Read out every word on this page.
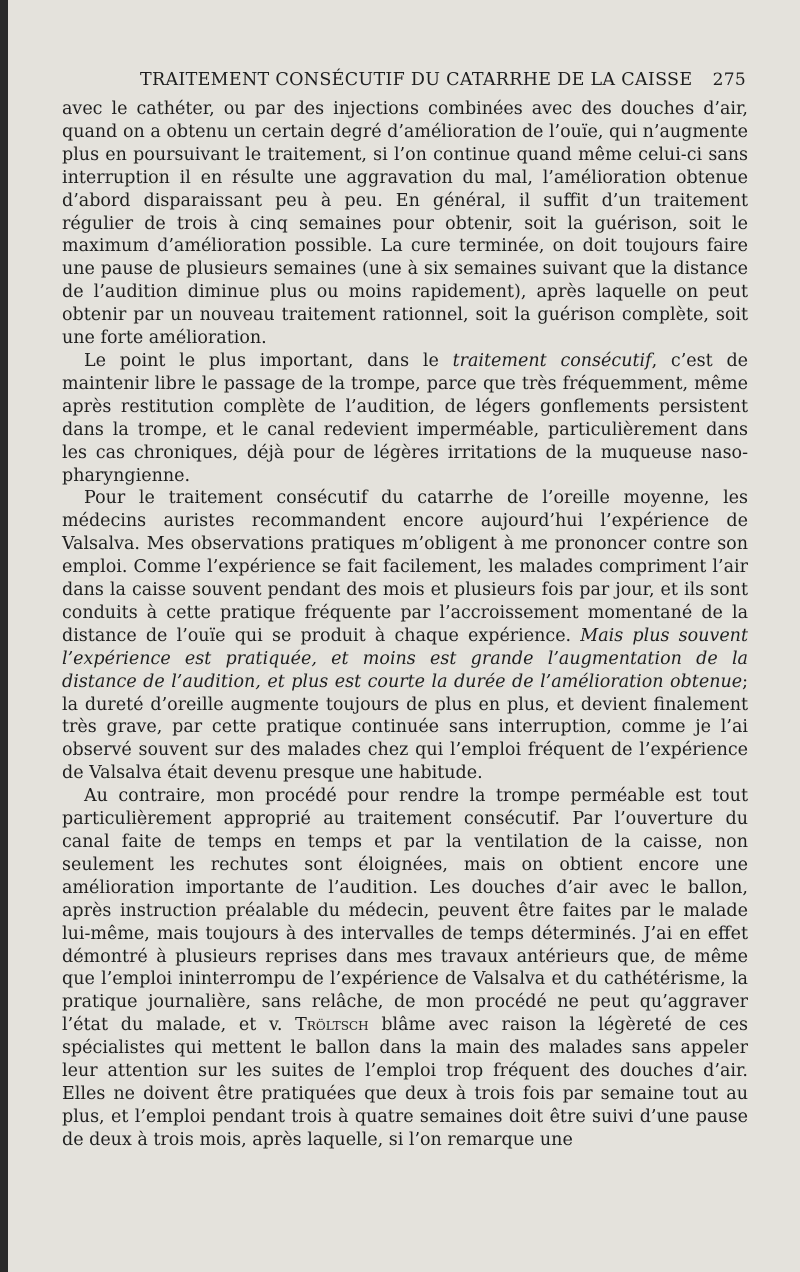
TRAITEMENT CONSÉCUTIF DU CATARRHE DE LA CAISSE 275

avec le cathéter, ou par des injections combinées avec des douches d’air, quand on a obtenu un certain degré d’amélioration de l’ouïe, qui n’augmente plus en poursuivant le traitement, si l’on continue quand même celui-ci sans interruption il en résulte une aggravation du mal, l’amélioration obtenue d’abord disparaissant peu à peu. En général, il suffit d’un traitement régulier de trois à cinq semaines pour obtenir, soit la guérison, soit le maximum d’amélioration possible. La cure terminée, on doit toujours faire une pause de plusieurs semaines (une à six semaines suivant que la distance de l’audition diminue plus ou moins rapidement), après laquelle on peut obtenir par un nouveau traitement rationnel, soit la guérison complète, soit une forte amélioration.

Le point le plus important, dans le traitement consécutif, c’est de maintenir libre le passage de la trompe, parce que très fréquemment, même après restitution complète de l’audition, de légers gonflements persistent dans la trompe, et le canal redevient imperméable, particulièrement dans les cas chroniques, déjà pour de légères irritations de la muqueuse naso-pharyngienne.

Pour le traitement consécutif du catarrhe de l’oreille moyenne, les médecins auristes recommandent encore aujourd’hui l’expérience de Valsalva. Mes observations pratiques m’obligent à me prononcer contre son emploi. Comme l’expérience se fait facilement, les malades compriment l’air dans la caisse souvent pendant des mois et plusieurs fois par jour, et ils sont conduits à cette pratique fréquente par l’accroissement momentané de la distance de l’ouïe qui se produit à chaque expérience. Mais plus souvent l’expérience est pratiquée, et moins est grande l’augmentation de la distance de l’audition, et plus est courte la durée de l’amélioration obtenue; la dureté d’oreille augmente toujours de plus en plus, et devient finalement très grave, par cette pratique continuée sans interruption, comme je l’ai observé souvent sur des malades chez qui l’emploi fréquent de l’expérience de Valsalva était devenu presque une habitude.

Au contraire, mon procédé pour rendre la trompe perméable est tout particulièrement approprié au traitement consécutif. Par l’ouverture du canal faite de temps en temps et par la ventilation de la caisse, non seulement les rechutes sont éloignées, mais on obtient encore une amélioration importante de l’audition. Les douches d’air avec le ballon, après instruction préalable du médecin, peuvent être faites par le malade lui-même, mais toujours à des intervalles de temps déterminés. J’ai en effet démontré à plusieurs reprises dans mes travaux antérieurs que, de même que l’emploi ininterrompu de l’expérience de Valsalva et du cathétérisme, la pratique journalière, sans relâche, de mon procédé ne peut qu’aggraver l’état du malade, et v. Tröltsch blâme avec raison la légèreté de ces spécialistes qui mettent le ballon dans la main des malades sans appeler leur attention sur les suites de l’emploi trop fréquent des douches d’air. Elles ne doivent être pratiquées que deux à trois fois par semaine tout au plus, et l’emploi pendant trois à quatre semaines doit être suivi d’une pause de deux à trois mois, après laquelle, si l’on remarque une
